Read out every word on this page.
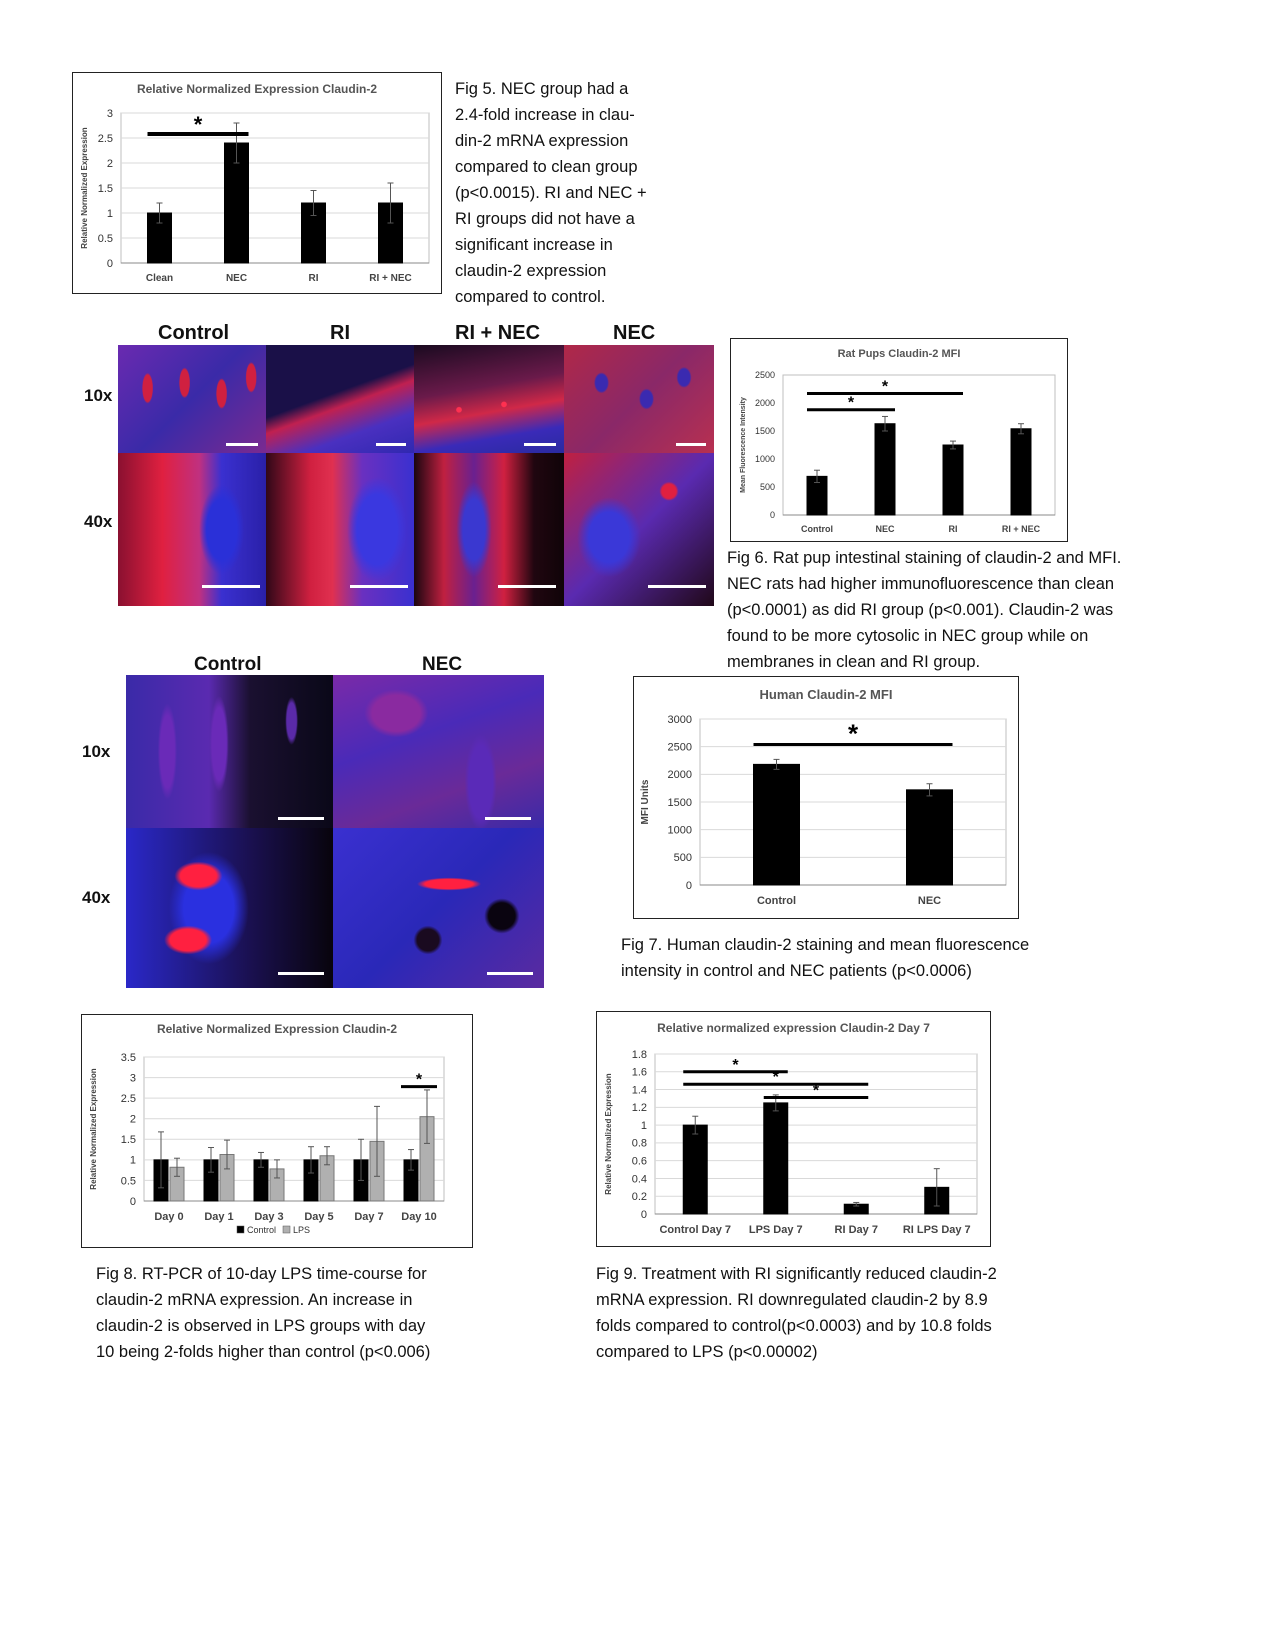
Relative Normalized Expression Claudin-2
0
0.5
1
1.5
2
2.5
3
Relative Normalized Expression
Clean	NEC	RI	RI + NEC
*
Fig 5. NEC group had a
2.4-fold increase in clau-
din-2 mRNA expression
compared to clean group
(p<0.0015). RI and NEC +
RI groups did not have a
significant increase in
claudin-2 expression
compared to control.
Control	RI	RI + NEC	NEC
10x
40x
Rat Pups Claudin-2 MFI
0
500
1000
1500
2000
2500
Mean Fluorescence Intensity
Control	NEC	RI	RI + NEC
*
*
Fig 6. Rat pup intestinal staining of claudin-2 and MFI.
NEC rats had higher immunofluorescence than clean
(p<0.0001) as did RI group (p<0.001). Claudin-2 was
found to be more cytosolic in NEC group while on
membranes in clean and RI group.
Control	NEC
10x
40x
Human Claudin-2 MFI
0
500
1000
1500
2000
2500
3000
MFI Units
Control	NEC
*
Fig 7. Human claudin-2 staining and mean fluorescence
intensity in control and NEC patients (p<0.0006)
Relative Normalized Expression Claudin-2
0
0.5
1
1.5
2
2.5
3
3.5
Relative Normalized Expression
Day 0 Day 1 Day 3 Day 5 Day 7 Day 10
Control LPS
*
Fig 8. RT-PCR of 10-day LPS time-course for
claudin-2 mRNA expression. An increase in
claudin-2 is observed in LPS groups with day
10 being 2-folds higher than control (p<0.006)
Relative normalized expression Claudin-2 Day 7
0
0.2
0.4
0.6
0.8
1
1.2
1.4
1.6
1.8
Relative Normalized Expression
Control Day 7 LPS Day 7	RI Day 7 RI LPS Day 7
*
*
*
Fig 9. Treatment with RI significantly reduced claudin-2
mRNA expression. RI downregulated claudin-2 by 8.9
folds compared to control(p<0.0003) and by 10.8 folds
compared to LPS (p<0.00002)
